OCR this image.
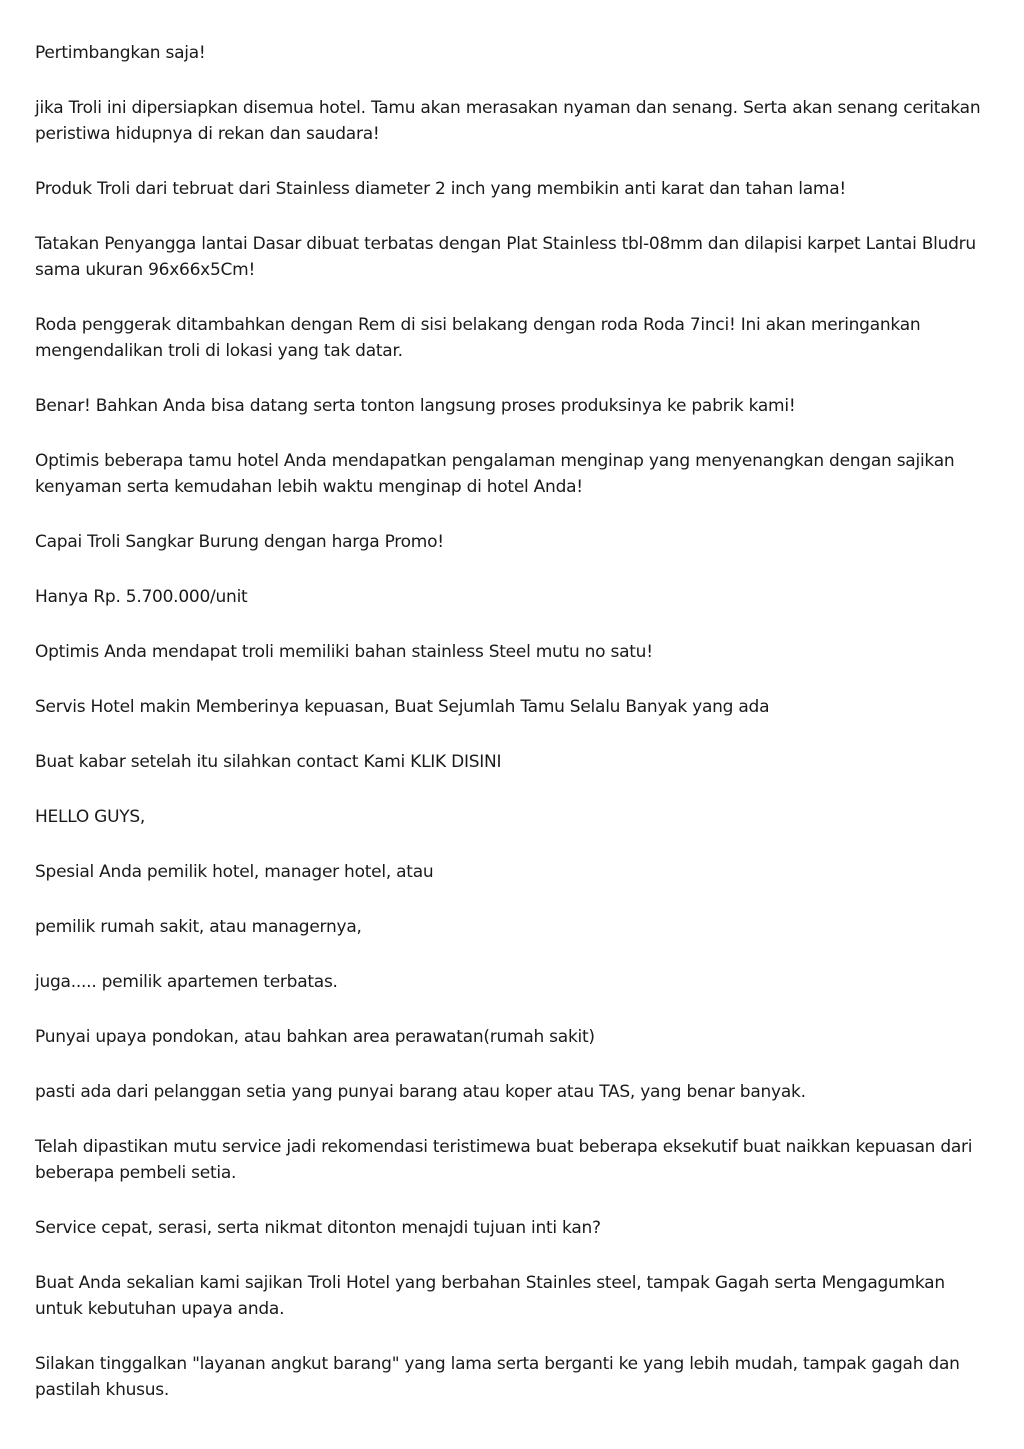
Pertimbangkan saja!

jika Troli ini dipersiapkan disemua hotel. Tamu akan merasakan nyaman dan senang. Serta akan senang ceritakan peristiwa hidupnya di rekan dan saudara!

Produk Troli dari tebruat dari Stainless diameter 2 inch yang membikin anti karat dan tahan lama!

Tatakan Penyangga lantai Dasar dibuat terbatas dengan Plat Stainless tbl-08mm dan dilapisi karpet Lantai Bludru sama ukuran 96x66x5Cm!

Roda penggerak ditambahkan dengan Rem di sisi belakang dengan roda Roda 7inci! Ini akan meringankan mengendalikan troli di lokasi yang tak datar.

Benar! Bahkan Anda bisa datang serta tonton langsung proses produksinya ke pabrik kami!

Optimis beberapa tamu hotel Anda mendapatkan pengalaman menginap yang menyenangkan dengan sajikan kenyaman serta kemudahan lebih waktu menginap di hotel Anda!

Capai Troli Sangkar Burung dengan harga Promo!

Hanya Rp. 5.700.000/unit

Optimis Anda mendapat troli memiliki bahan stainless Steel mutu no satu!

Servis Hotel makin Memberinya kepuasan, Buat Sejumlah Tamu Selalu Banyak yang ada

Buat kabar setelah itu silahkan contact Kami KLIK DISINI

HELLO GUYS,

Spesial Anda pemilik hotel, manager hotel, atau

pemilik rumah sakit, atau managernya,

juga..... pemilik apartemen terbatas.

Punyai upaya pondokan, atau bahkan area perawatan(rumah sakit)

pasti ada dari pelanggan setia yang punyai barang atau koper atau TAS, yang benar banyak.

Telah dipastikan mutu service jadi rekomendasi teristimewa buat beberapa eksekutif buat naikkan kepuasan dari beberapa pembeli setia.

Service cepat, serasi, serta nikmat ditonton menajdi tujuan inti kan?

Buat Anda sekalian kami sajikan Troli Hotel yang berbahan Stainles steel, tampak Gagah serta Mengagumkan untuk kebutuhan upaya anda.

Silakan tinggalkan "layanan angkut barang" yang lama serta berganti ke yang lebih mudah, tampak gagah dan pastilah khusus.
